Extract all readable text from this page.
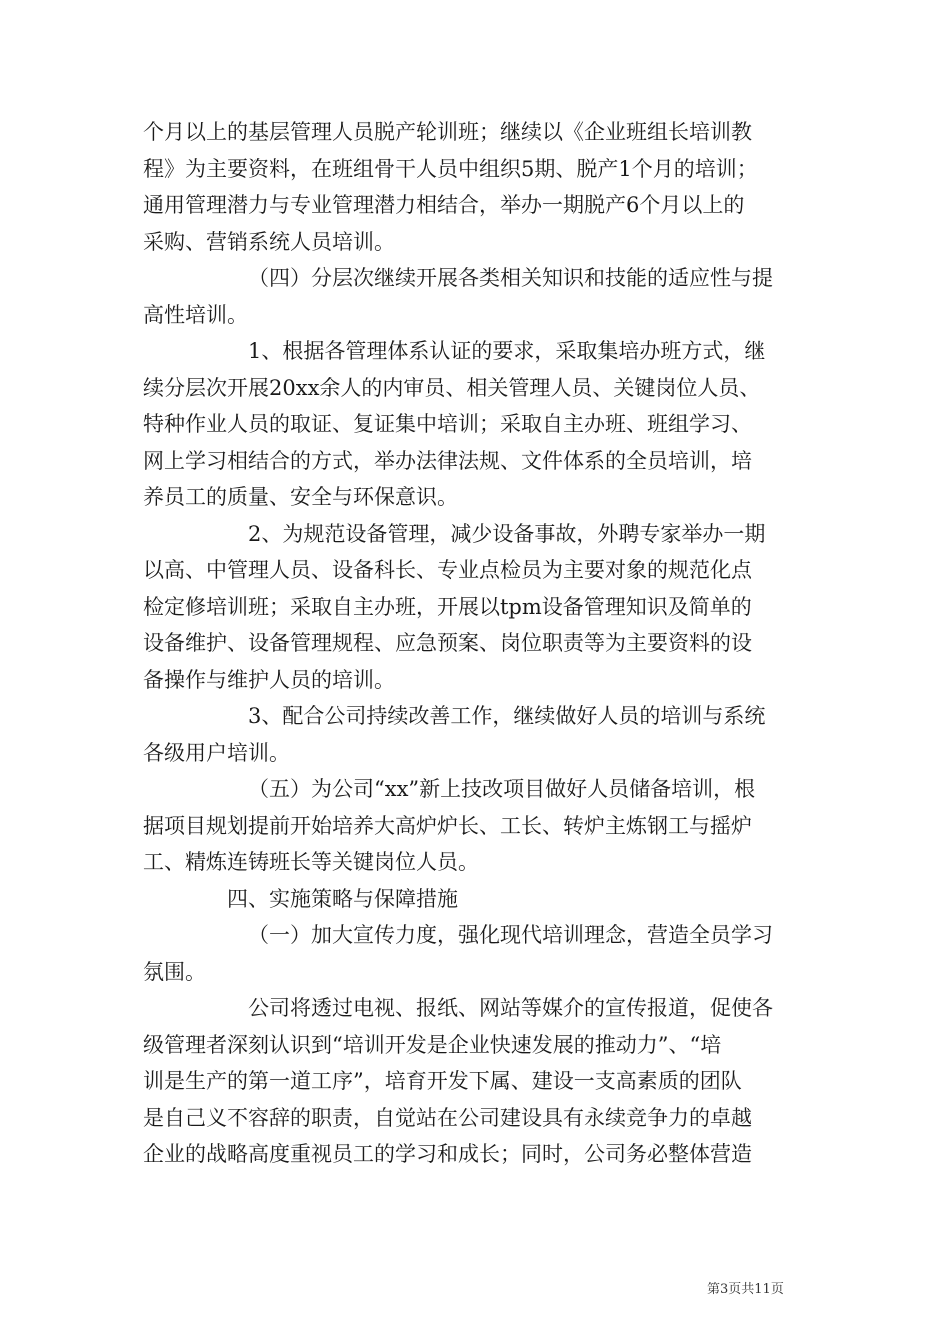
个月以上的基层管理人员脱产轮训班；继续以《企业班组长培训教
程》为主要资料，在班组骨干人员中组织5期、脱产1个月的培训；
通用管理潜力与专业管理潜力相结合，举办一期脱产6个月以上的
采购、营销系统人员培训。

（四）分层次继续开展各类相关知识和技能的适应性与提
高性培训。

1、根据各管理体系认证的要求，采取集培办班方式，继
续分层次开展20xx余人的内审员、相关管理人员、关键岗位人员、
特种作业人员的取证、复证集中培训；采取自主办班、班组学习、
网上学习相结合的方式，举办法律法规、文件体系的全员培训，培
养员工的质量、安全与环保意识。

2、为规范设备管理，减少设备事故，外聘专家举办一期
以高、中管理人员、设备科长、专业点检员为主要对象的规范化点
检定修培训班；采取自主办班，开展以tpm设备管理知识及简单的
设备维护、设备管理规程、应急预案、岗位职责等为主要资料的设
备操作与维护人员的培训。

3、配合公司持续改善工作，继续做好人员的培训与系统
各级用户培训。

（五）为公司“xx”新上技改项目做好人员储备培训，根
据项目规划提前开始培养大高炉炉长、工长、转炉主炼钢工与摇炉
工、精炼连铸班长等关键岗位人员。

四、实施策略与保障措施

（一）加大宣传力度，强化现代培训理念，营造全员学习
氛围。

公司将透过电视、报纸、网站等媒介的宣传报道，促使各
级管理者深刻认识到“培训开发是企业快速发展的推动力”、“培
训是生产的第一道工序”，培育开发下属、建设一支高素质的团队
是自己义不容辞的职责，自觉站在公司建设具有永续竞争力的卓越
企业的战略高度重视员工的学习和成长；同时，公司务必整体营造

第3页共11页
